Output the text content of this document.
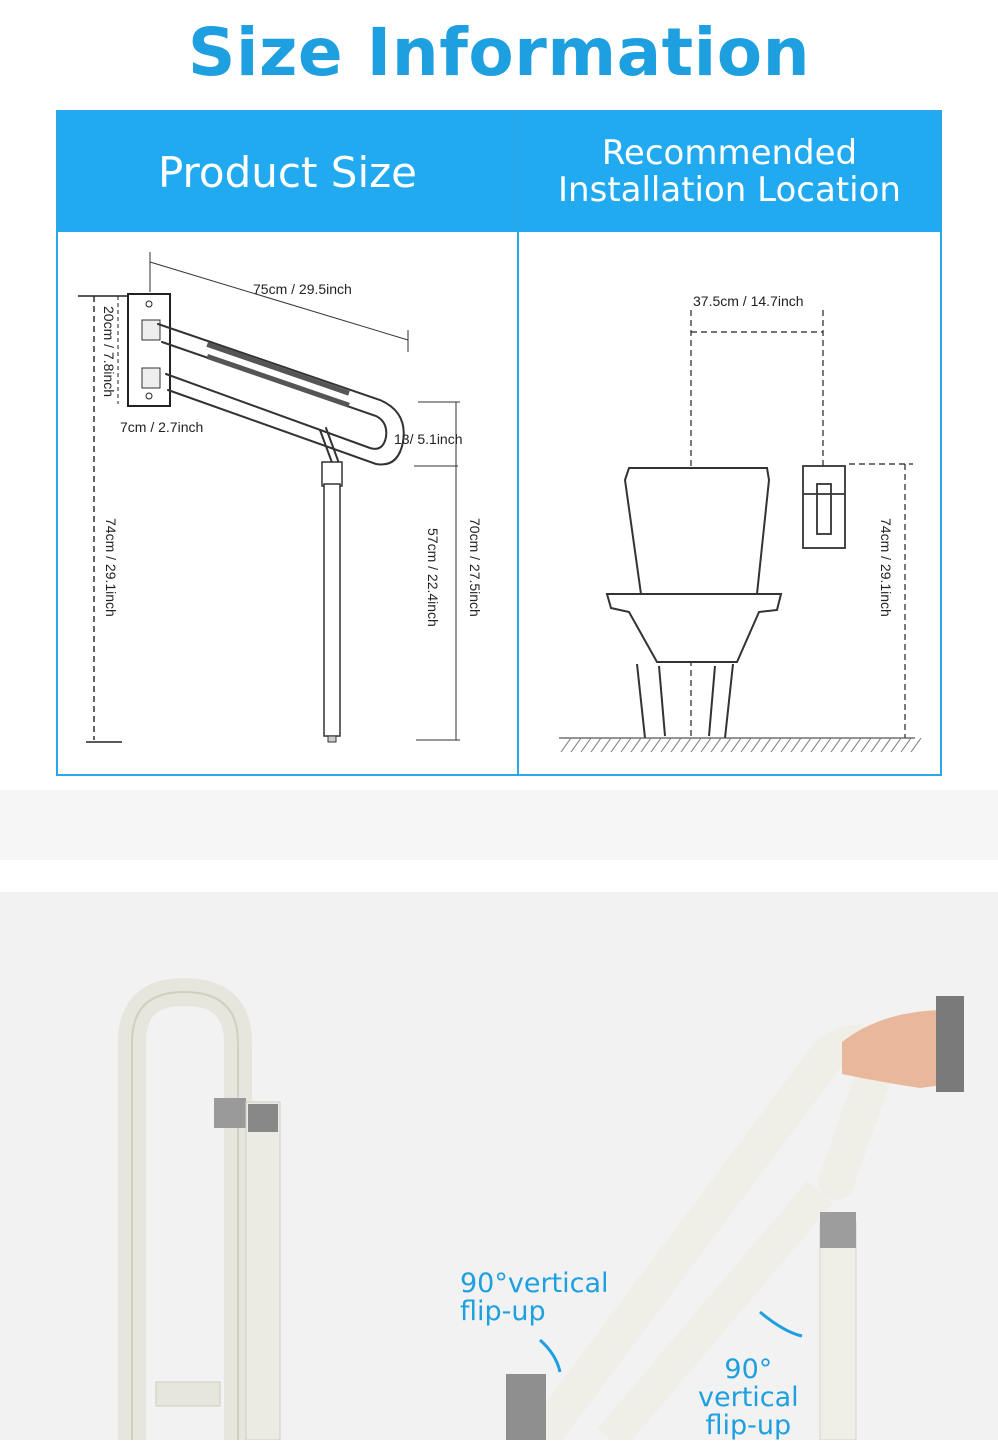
Size Information
Product Size	Recommended
Installation Location
75cm / 29.5inch
7cm / 2.7inch
13/ 5.1inch
20cm / 7.8inch
74cm / 29.1inch	57cm / 22.4inch 70cm / 27.5inch
37.5cm / 14.7inch
74cm / 29.1inch
90°vertical
flip-up
90°
vertical
flip-up
